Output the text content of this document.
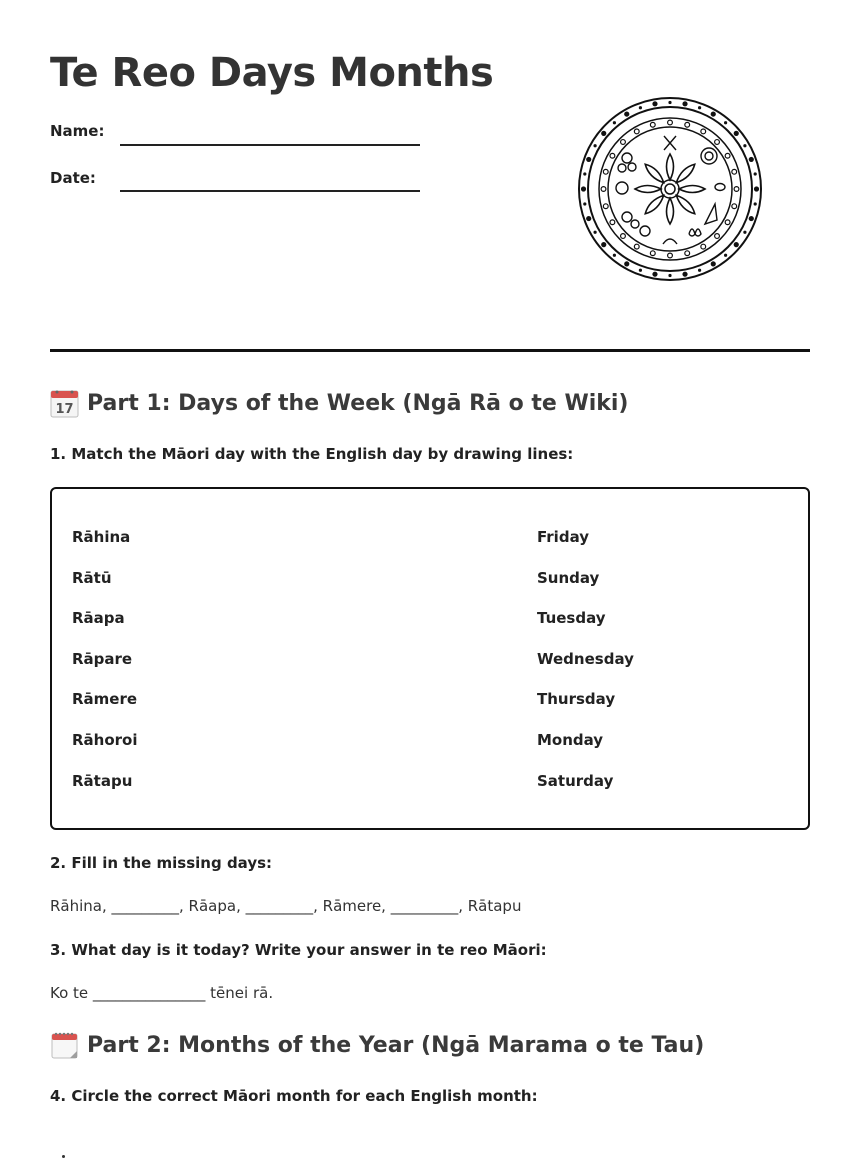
Te Reo Days Months
Name:
Date:
17 Part 1: Days of the Week (Ngā Rā o te Wiki)
1. Match the Māori day with the English day by drawing lines:
Rāhina
Rātū
Rāapa
Rāpare
Rāmere
Rāhoroi
Rātapu
Friday
Sunday
Tuesday
Wednesday
Thursday
Monday
Saturday
2. Fill in the missing days:
Rāhina, _________, Rāapa, _________, Rāmere, _________, Rātapu
3. What day is it today? Write your answer in te reo Māori:
Ko te _______________ tēnei rā.
Part 2: Months of the Year (Ngā Marama o te Tau)
4. Circle the correct Māori month for each English month:
